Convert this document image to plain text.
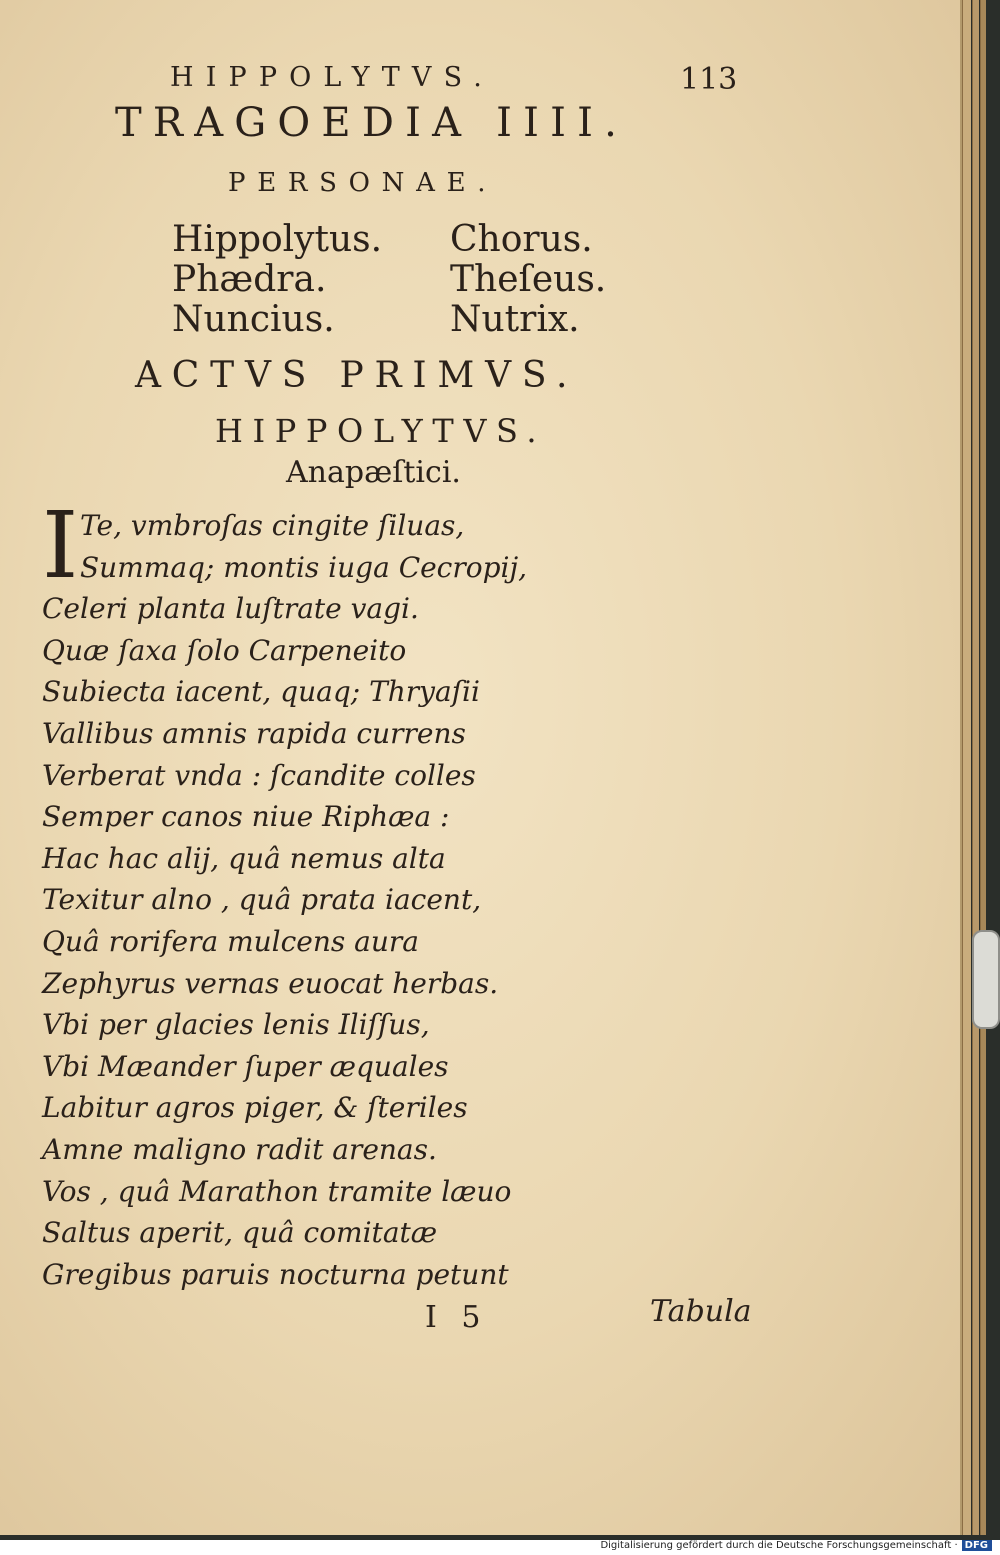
HIPPOLYTVS.	113
TRAGOEDIA IIII.
PERSONAE.
Hippolytus.
Phædra.
Nuncius.
Chorus.
Theſeus.
Nutrix.
ACTVS PRIMVS.
HIPPOLYTVS.
Anapæſtici.
I Te, vmbroſas cingite ſiluas,
Summaq; montis iuga Cecropij,
Celeri planta luſtrate vagi.
Quæ ſaxa ſolo Carpeneito
Subiecta iacent, quaq; Thryaſii
Vallibus amnis rapida currens
Verberat vnda : ſcandite colles
Semper canos niue Riphæa :
Hac hac alij, quâ nemus alta
Texitur alno , quâ prata iacent,
Quâ rorifera mulcens aura
Zephyrus vernas euocat herbas.
Vbi per glacies lenis Iliſſus,
Vbi Mæander ſuper æquales
Labitur agros piger, & ſteriles
Amne maligno radit arenas.
Vos , quâ Marathon tramite læuo
Saltus aperit, quâ comitatæ
Gregibus paruis nocturna petunt
I 5	Tabula
Digitalisierung gefördert durch die Deutsche Forschungsgemeinschaft · DFG
